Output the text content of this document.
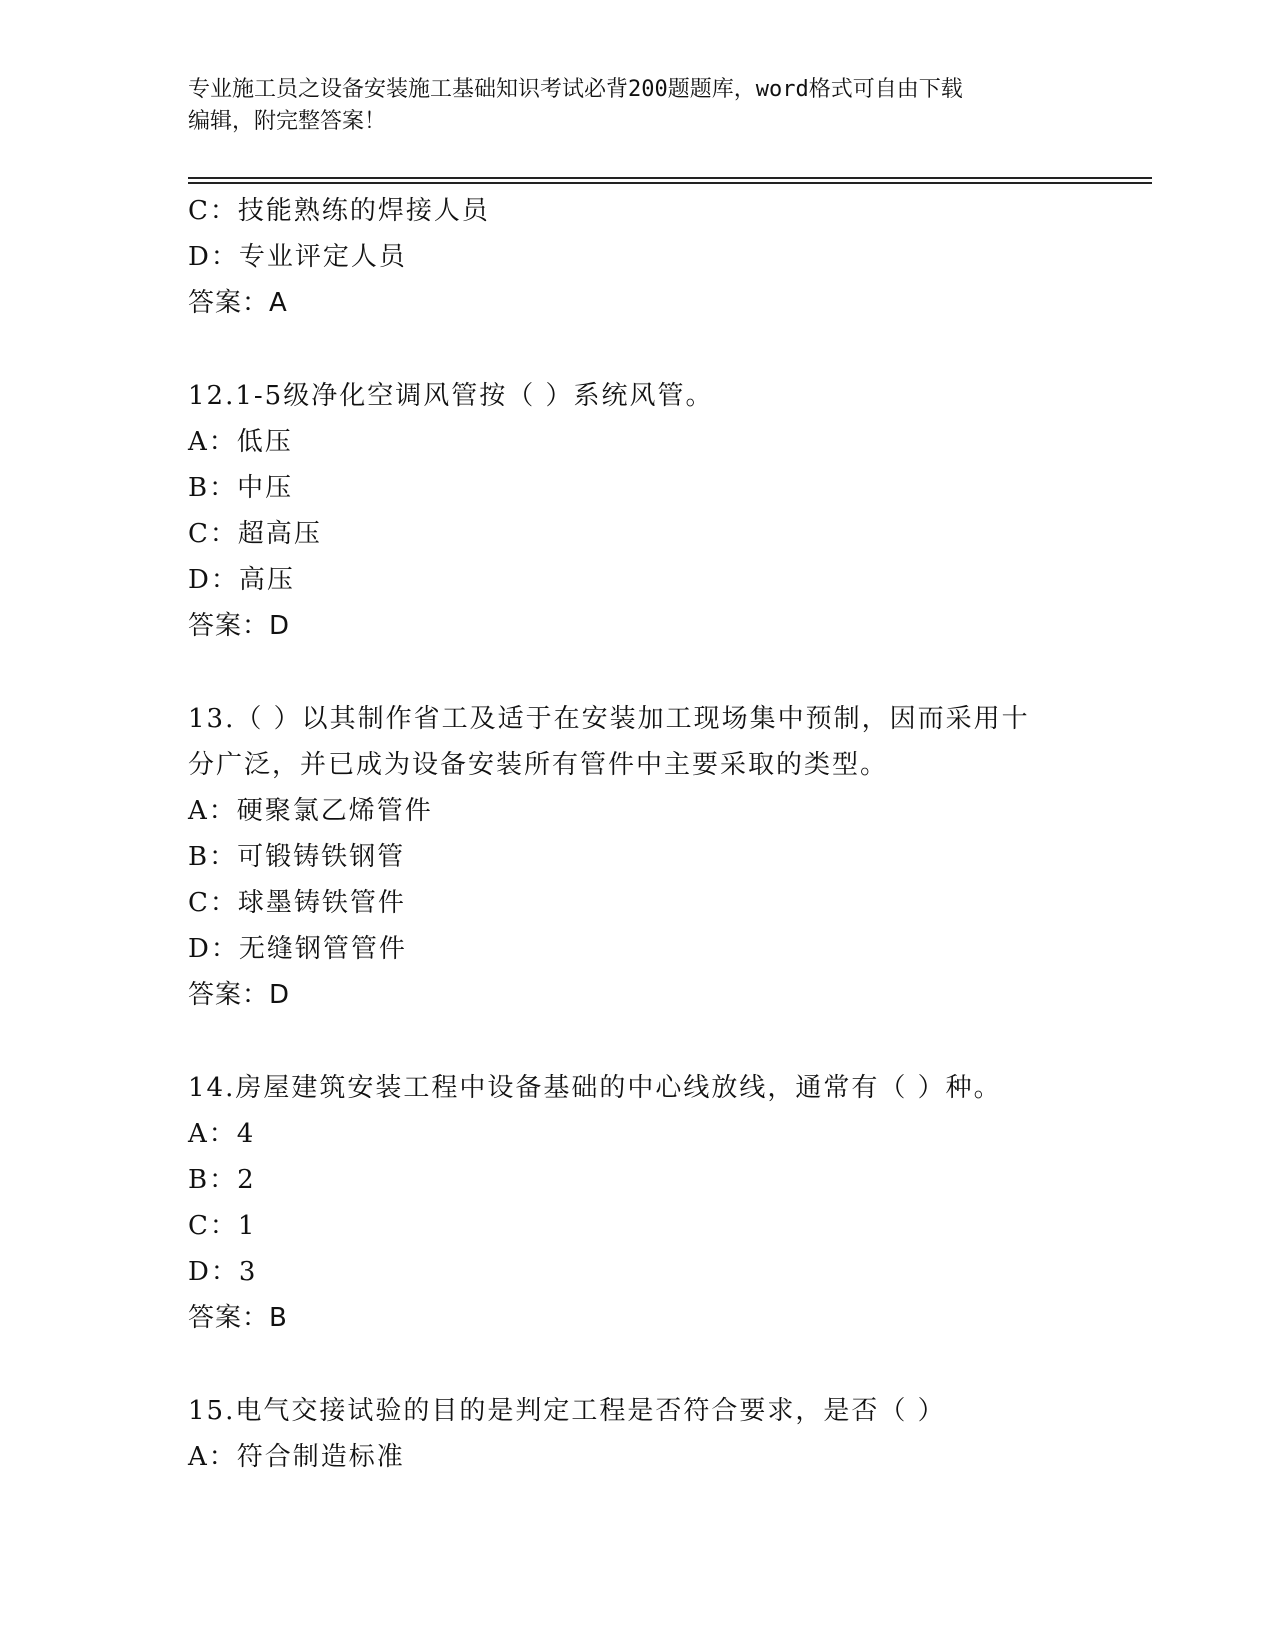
专业施工员之设备安装施工基础知识考试必背200题题库，word格式可自由下载
编辑，附完整答案！
C：技能熟练的焊接人员
D：专业评定人员
答案：A
12.1-5级净化空调风管按（ ）系统风管。
A：低压
B：中压
C：超高压
D：高压
答案：D
13.（ ）以其制作省工及适于在安装加工现场集中预制，因而采用十
分广泛，并已成为设备安装所有管件中主要采取的类型。
A：硬聚氯乙烯管件
B：可锻铸铁钢管
C：球墨铸铁管件
D：无缝钢管管件
答案：D
14.房屋建筑安装工程中设备基础的中心线放线，通常有（ ）种。
A：4
B：2
C：1
D：3
答案：B
15.电气交接试验的目的是判定工程是否符合要求，是否（ ）
A：符合制造标准
